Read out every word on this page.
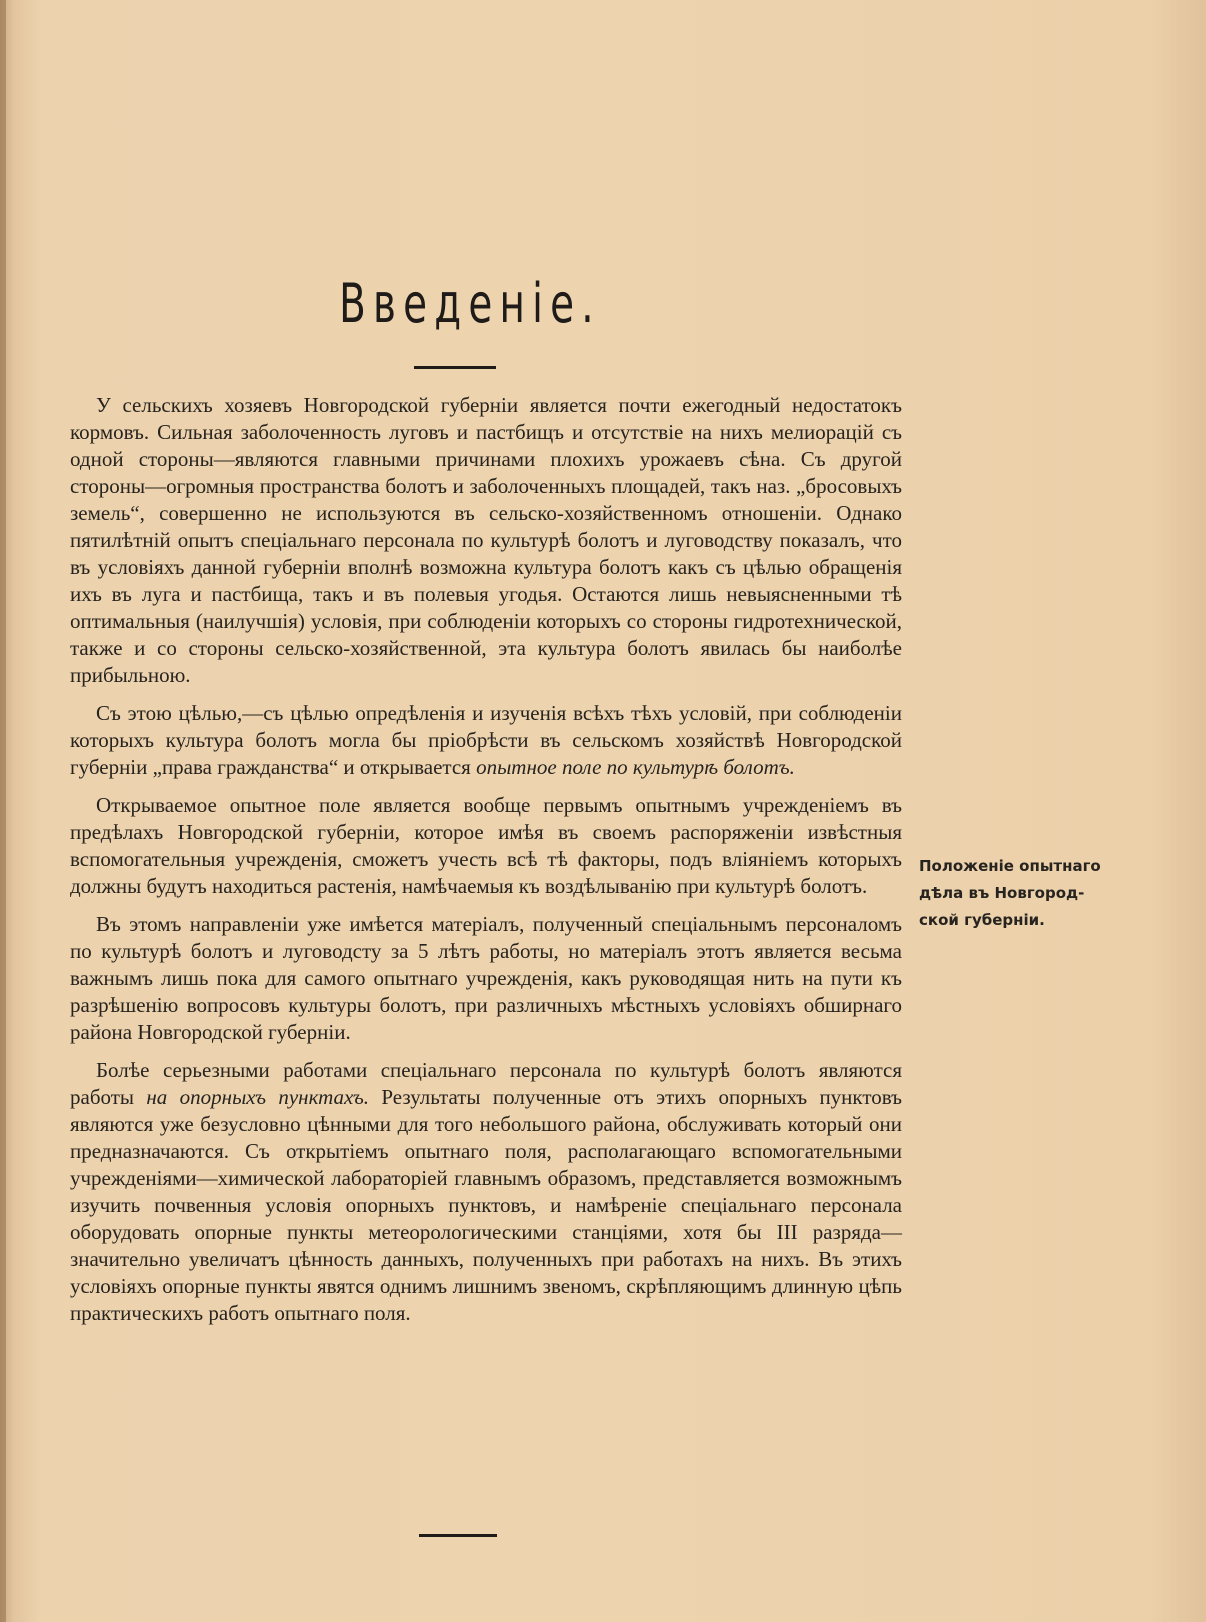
Введеніе.

У сельскихъ хозяевъ Новгородской губерніи является почти ежегодный недостатокъ кормовъ. Сильная заболоченность луговъ и пастбищъ и отсутствіе на нихъ мелиорацій съ одной стороны—являются главными причинами плохихъ урожаевъ сѣна. Съ другой стороны—огромныя пространства болотъ и заболоченныхъ площадей, такъ наз. „бросовыхъ земель“, совершенно не используются въ сельско-хозяйственномъ отношеніи. Однако пятилѣтній опытъ спеціальнаго персонала по культурѣ болотъ и луговодству показалъ, что въ условіяхъ данной губерніи вполнѣ возможна культура болотъ какъ съ цѣлью обращенія ихъ въ луга и пастбища, такъ и въ полевыя угодья. Остаются лишь невыясненными тѣ оптимальныя (наилучшія) условія, при соблюденіи которыхъ со стороны гидротехнической, также и со стороны сельско-хозяйственной, эта культура болотъ явилась бы наиболѣе прибыльною.

Съ этою цѣлью,—съ цѣлью опредѣленія и изученія всѣхъ тѣхъ условій, при соблюденіи которыхъ культура болотъ могла бы пріобрѣсти въ сельскомъ хозяйствѣ Новгородской губерніи „права гражданства“ и открывается опытное поле по культурѣ болотъ.

Открываемое опытное поле является вообще первымъ опытнымъ учрежденіемъ въ предѣлахъ Новгородской губерніи, которое имѣя въ своемъ распоряженіи извѣстныя вспомогательныя учрежденія, сможетъ учесть всѣ тѣ факторы, подъ вліяніемъ которыхъ должны будутъ находиться растенія, намѣчаемыя къ воздѣлыванію при культурѣ болотъ.

Въ этомъ направленіи уже имѣется матеріалъ, полученный спеціальнымъ персоналомъ по культурѣ болотъ и луговодсту за 5 лѣтъ работы, но матеріалъ этотъ является весьма важнымъ лишь пока для самого опытнаго учрежденія, какъ руководящая нить на пути къ разрѣшенію вопросовъ культуры болотъ, при различныхъ мѣстныхъ условіяхъ обширнаго района Новгородской губерніи.

Болѣе серьезными работами спеціальнаго персонала по культурѣ болотъ являются работы на опорныхъ пунктахъ. Результаты полученные отъ этихъ опорныхъ пунктовъ являются уже безусловно цѣнными для того небольшого района, обслуживать который они предназначаются. Съ открытіемъ опытнаго поля, располагающаго вспомогательными учрежденіями—химической лабораторіей главнымъ образомъ, представляется возможнымъ изучить почвенныя условія опорныхъ пунктовъ, и намѣреніе спеціальнаго персонала оборудовать опорные пункты метеорологическими станціями, хотя бы III разряда—значительно увеличатъ цѣнность данныхъ, полученныхъ при работахъ на нихъ. Въ этихъ условіяхъ опорные пункты явятся однимъ лишнимъ звеномъ, скрѣпляющимъ длинную цѣпь практическихъ работъ опытнаго поля.

Положеніе опытнаго
дѣла въ Новгород-
ской губерніи.
